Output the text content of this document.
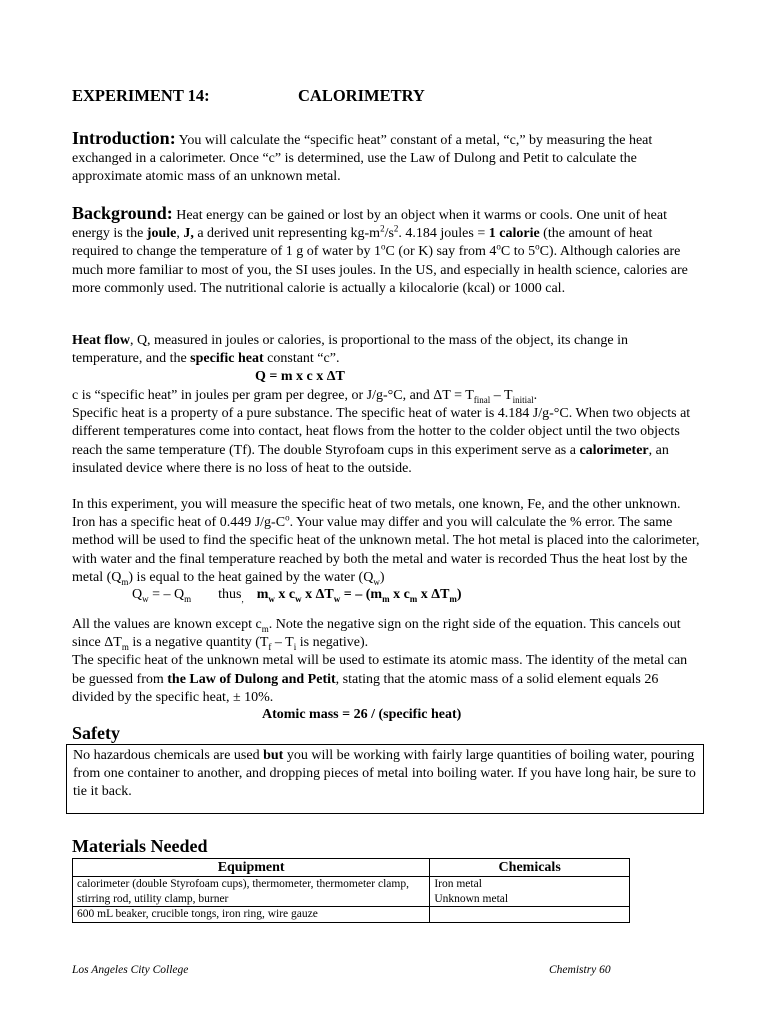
EXPERIMENT 14:	CALORIMETRY
Introduction: You will calculate the “specific heat” constant of a metal, “c,” by measuring the heat exchanged in a calorimeter. Once “c” is determined, use the Law of Dulong and Petit to calculate the approximate atomic mass of an unknown metal.
Background: Heat energy can be gained or lost by an object when it warms or cools. One unit of heat energy is the joule, J, a derived unit representing $kg-m^2/s^2$. 4.184 joules = 1 calorie (the amount of heat required to change the temperature of 1 g of water by 1$^o$C (or K) say from 4$^o$C to 5$^o$C). Although calories are much more familiar to most of you, the SI uses joules. In the US, and especially in health science, calories are more commonly used. The nutritional calorie is actually a kilocalorie (kcal) or 1000 cal.
Heat flow, Q, measured in joules or calories, is proportional to the mass of the object, its change in temperature, and the specific heat constant “c”.
Q = m x c x ΔT
c is “specific heat” in joules per gram per degree, or J/g-°C, and $\Delta T = T_{final} - T_{initial}$.
Specific heat is a property of a pure substance. The specific heat of water is 4.184 J/g-°C. When two objects at different temperatures come into contact, heat flows from the hotter to the colder object until the two objects reach the same temperature (Tf). The double Styrofoam cups in this experiment serve as a calorimeter, an insulated device where there is no loss of heat to the outside.
In this experiment, you will measure the specific heat of two metals, one known, Fe, and the other unknown. Iron has a specific heat of 0.449 $J/g-C^o$. Your value may differ and you will calculate the % error. The same method will be used to find the specific heat of the unknown metal. The hot metal is placed into the calorimeter, with water and the final temperature reached by both the metal and water is recorded Thus the heat lost by the metal $(Q_m)$ is equal to the heat gained by the water $(Q_w)$
$Q_w$ = – $Q_m$ thus$_,$ $m_w$ x $c_w$ x $\Delta T_w$ = – ($m_m$ x $c_m$ x $\Delta T_m$)
All the values are known except $c_m$. Note the negative sign on the right side of the equation. This cancels out since $\Delta T_m$ is a negative quantity ($T_f - T_i$ is negative).
The specific heat of the unknown metal will be used to estimate its atomic mass. The identity of the metal can be guessed from the Law of Dulong and Petit, stating that the atomic mass of a solid element equals 26 divided by the specific heat, ± 10%.
Atomic mass = 26 / (specific heat)
Safety
No hazardous chemicals are used but you will be working with fairly large quantities of boiling water, pouring from one container to another, and dropping pieces of metal into boiling water. If you have long hair, be sure to tie it back.
Materials Needed
Equipment	Chemicals
calorimeter (double Styrofoam cups), thermometer, thermometer clamp, stirring rod, utility clamp, burner	Iron metal
Unknown metal

600 mL beaker, crucible tongs, iron ring, wire gauze	
Los Angeles City College	Chemistry 60
